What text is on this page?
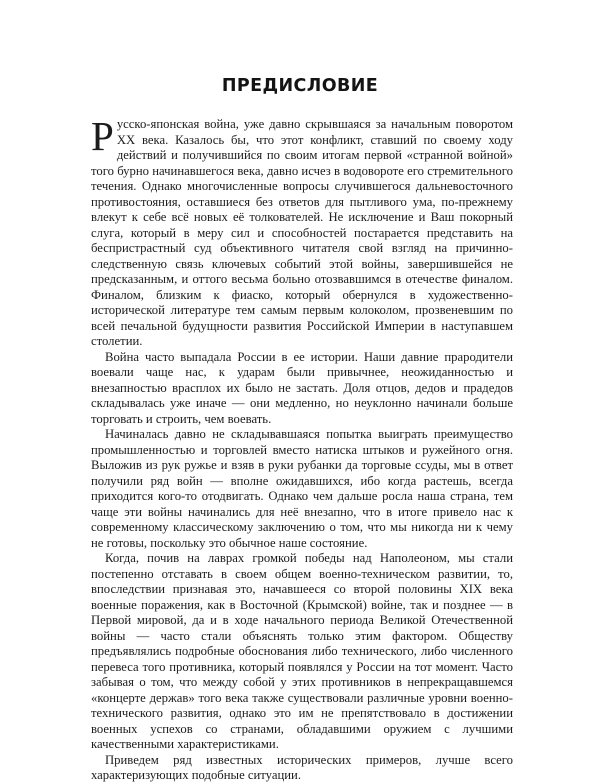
ПРЕДИСЛОВИЕ

Русско-японская война, уже давно скрывшаяся за начальным поворотом XX века. Казалось бы, что этот конфликт, ставший по своему ходу действий и получившийся по своим итогам первой «странной войной» того бурно начинавшегося века, давно исчез в водовороте его стремительного течения. Однако многочисленные вопросы случившегося дальневосточного противостояния, оставшиеся без ответов для пытливого ума, по-прежнему влекут к себе всё новых её толкователей. Не исключение и Ваш покорный слуга, который в меру сил и способностей постарается представить на беспристрастный суд объективного читателя свой взгляд на причинно-следственную связь ключевых событий этой войны, завершившейся не предсказанным, и оттого весьма больно отозвавшимся в отечестве финалом. Финалом, близким к фиаско, который обернулся в художественно-исторической литературе тем самым первым колоколом, прозвеневшим по всей печальной будущности развития Российской Империи в наступавшем столетии.

Война часто выпадала России в ее истории. Наши давние прародители воевали чаще нас, к ударам были привычнее, неожиданностью и внезапностью врасплох их было не застать. Доля отцов, дедов и прадедов складывалась уже иначе — они медленно, но неуклонно начинали больше торговать и строить, чем воевать.

Начиналась давно не складывавшаяся попытка выиграть преимущество промышленностью и торговлей вместо натиска штыков и ружейного огня. Выложив из рук ружье и взяв в руки рубанки да торговые ссуды, мы в ответ получили ряд войн — вполне ожидавшихся, ибо когда растешь, всегда приходится кого-то отодвигать. Однако чем дальше росла наша страна, тем чаще эти войны начинались для неё внезапно, что в итоге привело нас к современному классическому заключению о том, что мы никогда ни к чему не готовы, поскольку это обычное наше состояние.

Когда, почив на лаврах громкой победы над Наполеоном, мы стали постепенно отставать в своем общем военно-техническом развитии, то, впоследствии признавая это, начавшееся со второй половины XIX века военные поражения, как в Восточной (Крымской) войне, так и позднее — в Первой мировой, да и в ходе начального периода Великой Отечественной войны — часто стали объяснять только этим фактором. Обществу предъявлялись подробные обоснования либо технического, либо численного перевеса того противника, который появлялся у России на тот момент. Часто забывая о том, что между собой у этих противников в непрекращавшемся «концерте держав» того века также существовали различные уровни военно-технического развития, однако это им не препятствовало в достижении военных успехов со странами, обладавшими оружием с лучшими качественными характеристиками.

Приведем ряд известных исторических примеров, лучше всего характеризующих подобные ситуации.
